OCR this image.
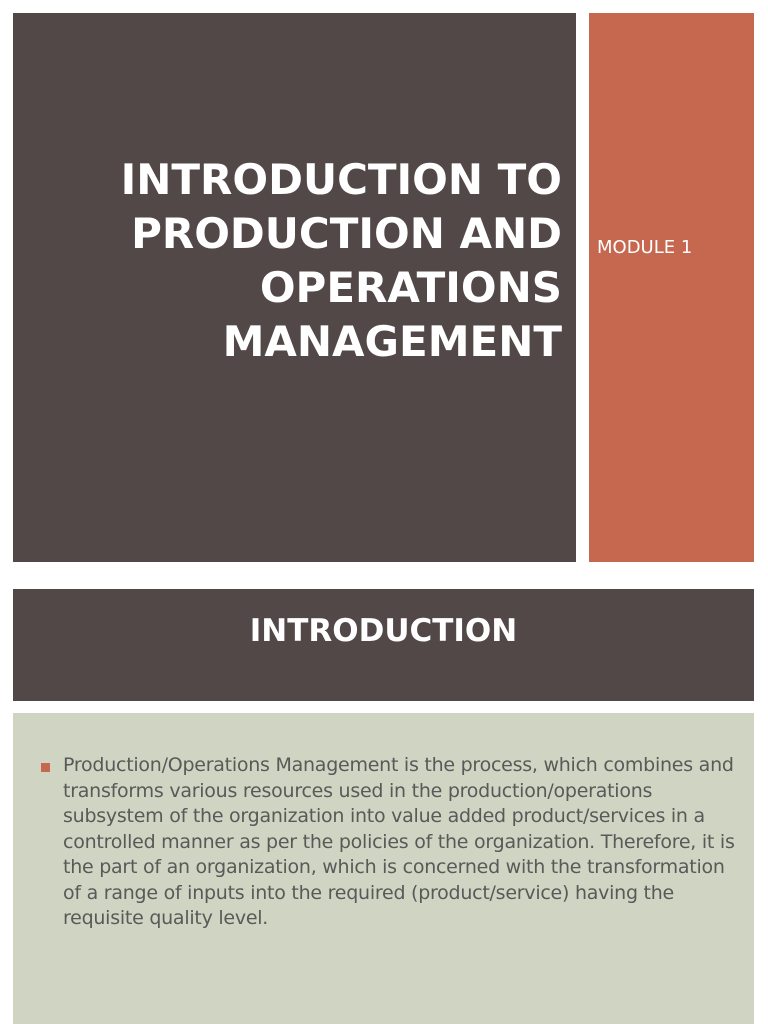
INTRODUCTION TO
PRODUCTION AND
OPERATIONS
MANAGEMENT
MODULE 1
INTRODUCTION

Production/Operations Management is the process, which combines and transforms various resources used in the production/operations subsystem of the organization into value added product/services in a controlled manner as per the policies of the organization. Therefore, it is the part of an organization, which is concerned with the transformation of a range of inputs into the required (product/service) having the requisite quality level.
